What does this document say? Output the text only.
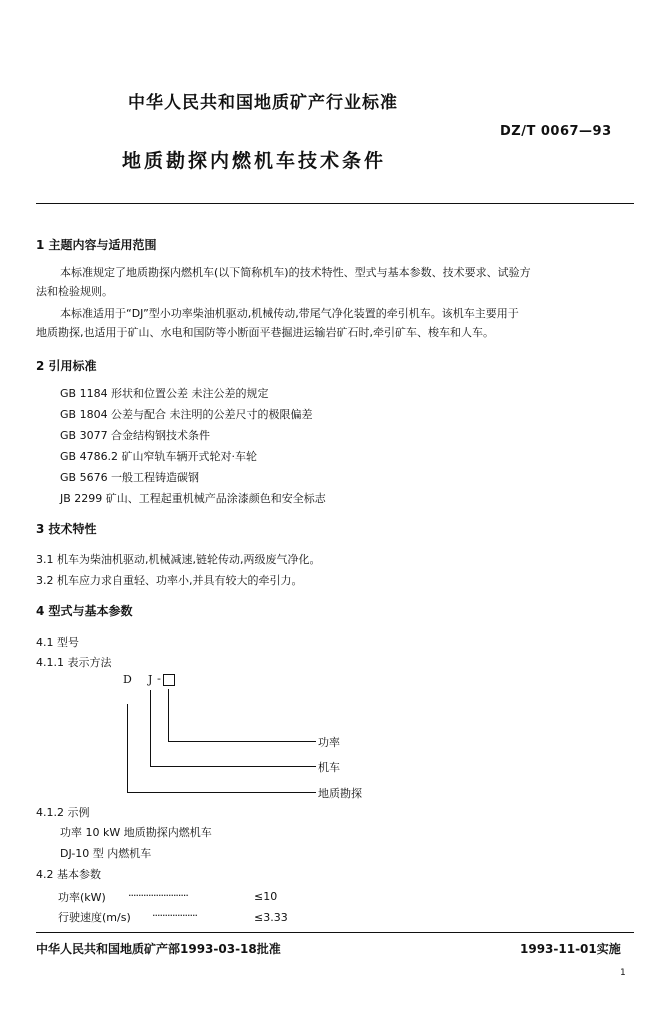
中华人民共和国地质矿产行业标准
DZ/T 0067—93
地质勘探内燃机车技术条件
1 主题内容与适用范围
本标准规定了地质勘探内燃机车(以下简称机车)的技术特性、型式与基本参数、技术要求、试验方
法和检验规则。
本标准适用于“DJ”型小功率柴油机驱动,机械传动,带尾气净化装置的牵引机车。该机车主要用于
地质勘探,也适用于矿山、水电和国防等小断面平巷掘进运输岩矿石时,牵引矿车、梭车和人车。
2 引用标准
GB 1184 形状和位置公差 未注公差的规定
GB 1804 公差与配合 未注明的公差尺寸的极限偏差
GB 3077 合金结构钢技术条件
GB 4786.2 矿山窄轨车辆开式轮对·车轮
GB 5676 一般工程铸造碳钢
JB 2299 矿山、工程起重机械产品涂漆颜色和安全标志
3 技术特性
3.1 机车为柴油机驱动,机械减速,链轮传动,两级废气净化。
3.2 机车应力求自重轻、功率小,并具有较大的牵引力。
4 型式与基本参数
4.1 型号
4.1.1 表示方法
D J -
功率
机车
地质勘探
4.1.2 示例
功率 10 kW 地质勘探内燃机车
DJ-10 型 内燃机车
4.2 基本参数
功率(kW) ························	≤10
行驶速度(m/s) ··················	≤3.33
中华人民共和国地质矿产部1993-03-18批准	1993-11-01实施
1
